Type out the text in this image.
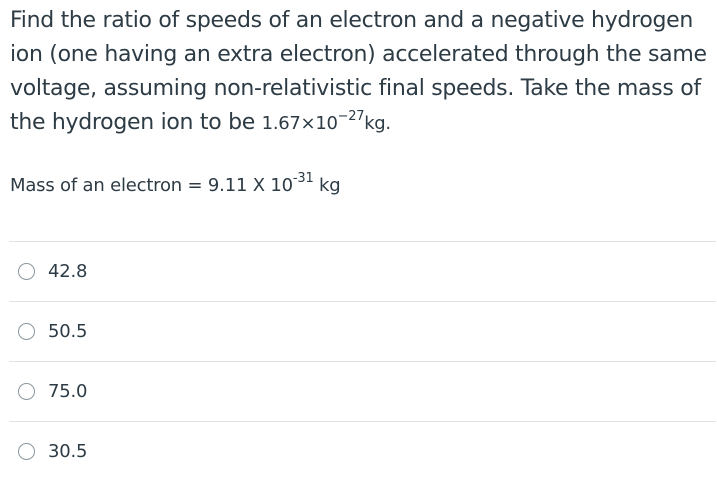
Find the ratio of speeds of an electron and a negative hydrogen ion (one having an extra electron) accelerated through the same voltage, assuming non-relativistic final speeds. Take the mass of the hydrogen ion to be $1.67\times 10^{-27}kg$.
Mass of an electron = 9.11 X $10^{-31}$ kg
42.8
50.5
75.0
30.5
